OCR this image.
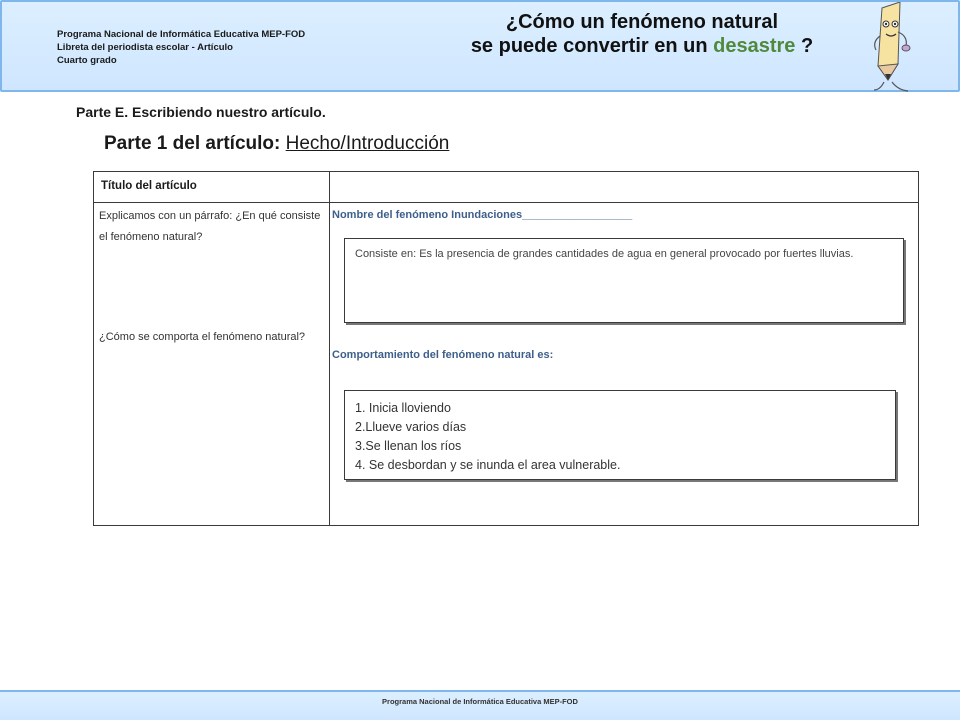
Programa Nacional de Informática Educativa MEP-FOD
Libreta del periodista escolar - Artículo
Cuarto grado
¿Cómo un fenómeno natural
se puede convertir en un desastre ?
Parte E. Escribiendo nuestro artículo.
Parte 1 del artículo: Hecho/Introducción
Título del artículo
Explicamos con un párrafo: ¿En qué consiste el fenómeno natural?
¿Cómo se comporta el fenómeno natural?
Nombre del fenómeno Inundaciones__________________
Consiste en: Es la presencia de grandes cantidades de agua en general provocado por fuertes lluvias.
Comportamiento del fenómeno natural es:
1. Inicia lloviendo
2.Llueve varios días
3.Se llenan los ríos
4. Se desbordan y se inunda el area vulnerable.
Programa Nacional de Informática Educativa MEP-FOD
